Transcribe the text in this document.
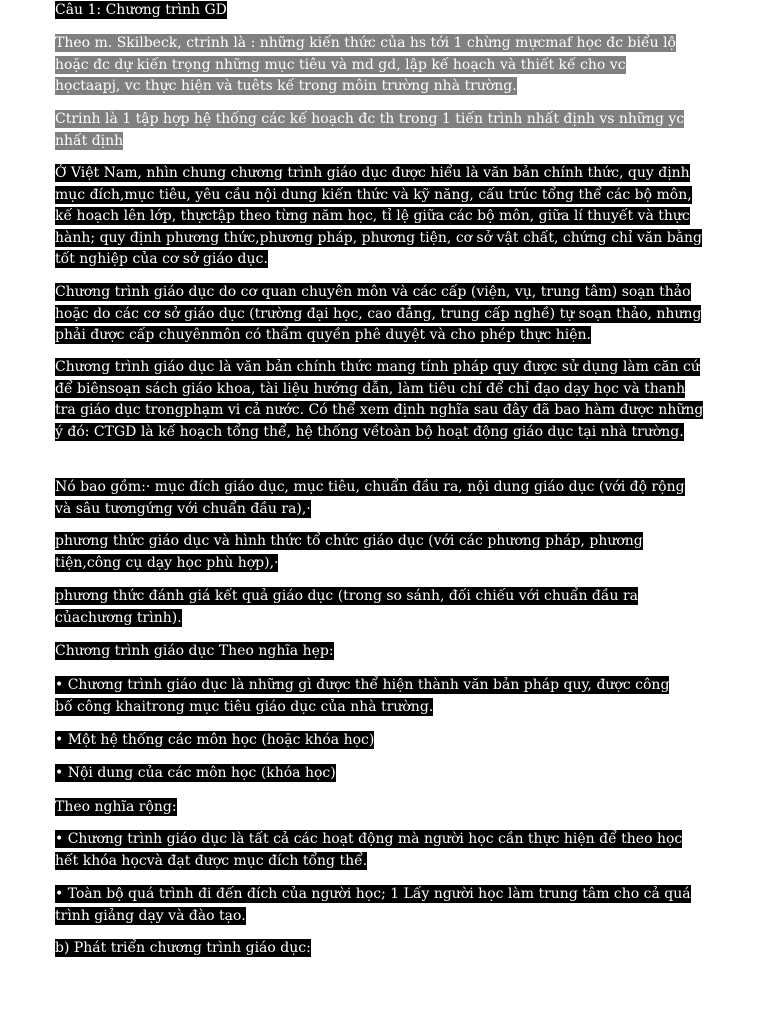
Câu 1: Chương trình GD

Theo m. Skilbeck, ctrinh là : những kiến thức của hs tới 1 chừng mựcmaf học đc biểu lộ hoặc đc dự kiến trọng những mục tiêu và md gd, lập kế hoạch và thiết kế cho vc họctaapj, vc thực hiện và tuêts kế trong môin trường nhà trường.

Ctrinh là 1 tập hợp hệ thống các kế hoạch đc th trong 1 tiến trình nhất định vs những yc nhất định

Ở Việt Nam, nhìn chung chương trình giáo dục được hiểu là văn bản chính thức, quy định mục đích,mục tiêu, yêu cầu nội dung kiến thức và kỹ năng, cấu trúc tổng thể các bộ môn, kế hoạch lên lớp, thựctập theo từng năm học, tỉ lệ giữa các bộ môn, giữa lí thuyết và thực hành; quy định phương thức,phương pháp, phương tiện, cơ sở vật chất, chứng chỉ văn bằng tốt nghiệp của cơ sở giáo dục.

Chương trình giáo dục do cơ quan chuyên môn và các cấp (viện, vụ, trung tâm) soạn thảo hoặc do các cơ sở giáo dục (trường đại học, cao đẳng, trung cấp nghề) tự soạn thảo, nhưng phải được cấp chuyênmôn có thẩm quyền phê duyệt và cho phép thực hiện.

Chương trình giáo dục là văn bản chính thức mang tính pháp quy được sử dụng làm căn cứ để biênsoạn sách giáo khoa, tài liệu hướng dẫn, làm tiêu chí để chỉ đạo dạy học và thanh tra giáo dục trongphạm vi cả nước. Có thể xem định nghĩa sau đây đã bao hàm được những ý đó: CTGD là kế hoạch tổng thể, hệ thống vềtoàn bộ hoạt động giáo dục tại nhà trường.

Nó bao gồm:· mục đích giáo dục, mục tiêu, chuẩn đầu ra, nội dung giáo dục (với độ rộng và sâu tươngứng với chuẩn đầu ra),·

phương thức giáo dục và hình thức tổ chức giáo dục (với các phương pháp, phương tiện,công cụ dạy học phù hợp),·

phương thức đánh giá kết quả giáo dục (trong so sánh, đối chiếu với chuẩn đầu ra củachương trình).

Chương trình giáo dục Theo nghĩa hẹp:

• Chương trình giáo dục là những gì được thể hiện thành văn bản pháp quy, được công bố công khaitrong mục tiêu giáo dục của nhà trường.

• Một hệ thống các môn học (hoặc khóa học)

• Nội dung của các môn học (khóa học)

Theo nghĩa rộng:

• Chương trình giáo dục là tất cả các hoạt động mà người học cần thực hiện để theo học hết khóa họcvà đạt được mục đích tổng thể.

• Toàn bộ quá trình đi đến đích của người học; 1 Lấy người học làm trung tâm cho cả quá trình giảng dạy và đào tạo.

b) Phát triển chương trình giáo dục:
